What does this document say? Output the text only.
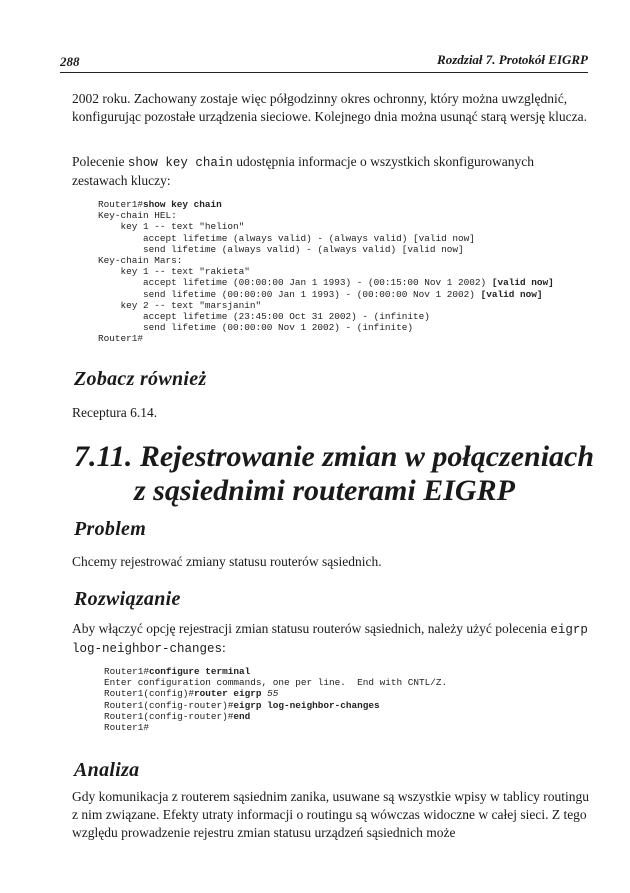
288	Rozdział 7. Protokół EIGRP

2002 roku. Zachowany zostaje więc półgodzinny okres ochronny, który można uwzględnić, konfigurując pozostałe urządzenia sieciowe. Kolejnego dnia można usunąć starą wersję klucza.

Polecenie show key chain udostępnia informacje o wszystkich skonfigurowanych zestawach kluczy:

Router1#show key chain
Key-chain HEL:
key 1 -- text "helion"
accept lifetime (always valid) - (always valid) [valid now]
send lifetime (always valid) - (always valid) [valid now]
Key-chain Mars:
key 1 -- text "rakieta"
accept lifetime (00:00:00 Jan 1 1993) - (00:15:00 Nov 1 2002) [valid now]
send lifetime (00:00:00 Jan 1 1993) - (00:00:00 Nov 1 2002) [valid now]
key 2 -- text "marsjanin"
accept lifetime (23:45:00 Oct 31 2002) - (infinite)
send lifetime (00:00:00 Nov 1 2002) - (infinite)
Router1#
Zobacz również

Receptura 6.14.

7.11. Rejestrowanie zmian w połączeniach
z sąsiednimi routerami EIGRP
Problem

Chcemy rejestrować zmiany statusu routerów sąsiednich.

Rozwiązanie

Aby włączyć opcję rejestracji zmian statusu routerów sąsiednich, należy użyć polecenia eigrp log-neighbor-changes:

Router1#configure terminal
Enter configuration commands, one per line.  End with CNTL/Z.
Router1(config)#router eigrp 55
Router1(config-router)#eigrp log-neighbor-changes
Router1(config-router)#end
Router1#
Analiza

Gdy komunikacja z routerem sąsiednim zanika, usuwane są wszystkie wpisy w tablicy routingu z nim związane. Efekty utraty informacji o routingu są wówczas widoczne w całej sieci. Z tego względu prowadzenie rejestru zmian statusu urządzeń sąsiednich może
